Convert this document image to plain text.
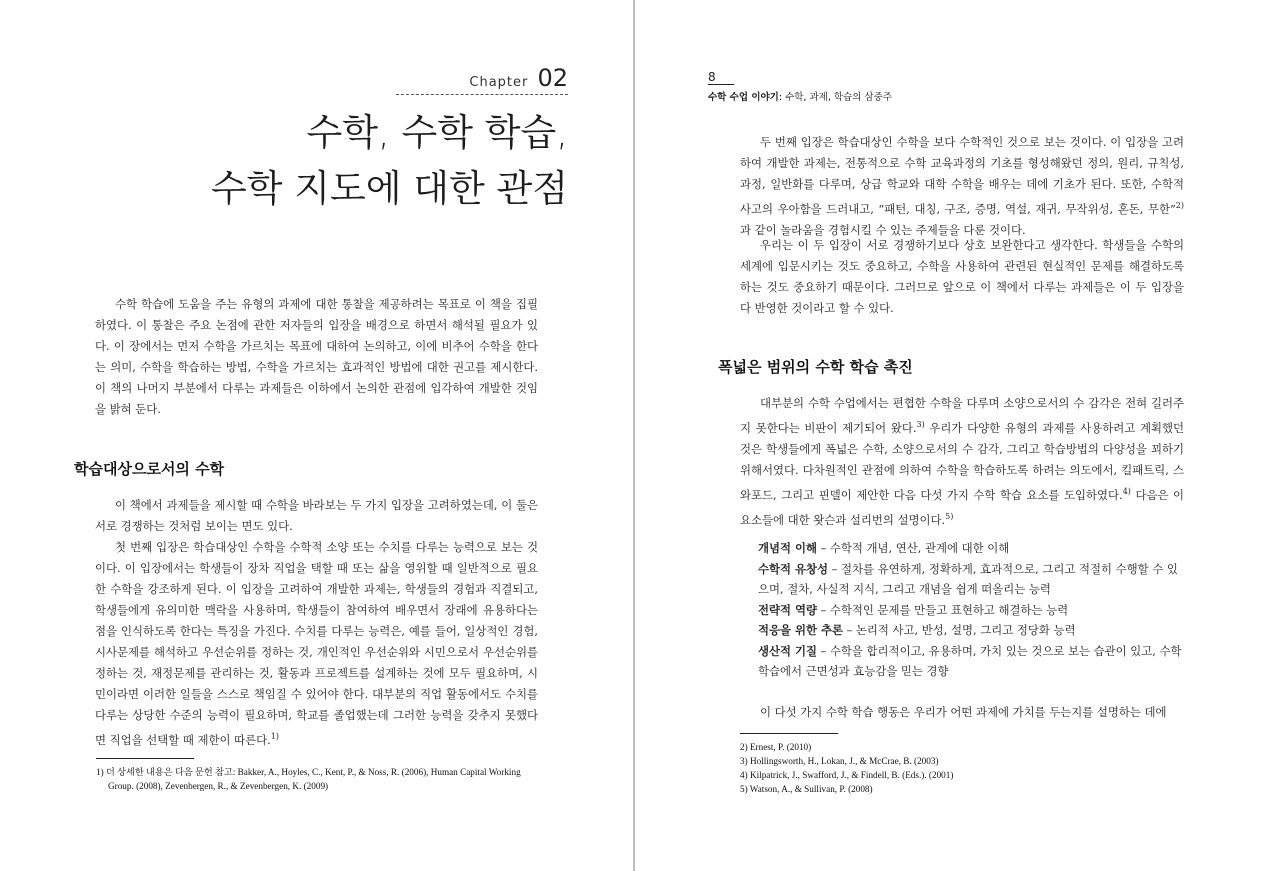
Chapter 02
수학, 수학 학습,
수학 지도에 대한 관점

수학 학습에 도움을 주는 유형의 과제에 대한 통찰을 제공하려는 목표로 이 책을 집필하였다. 이 통찰은 주요 논점에 관한 저자들의 입장을 배경으로 하면서 해석될 필요가 있다. 이 장에서는 먼저 수학을 가르치는 목표에 대하여 논의하고, 이에 비추어 수학을 한다는 의미, 수학을 학습하는 방법, 수학을 가르치는 효과적인 방법에 대한 권고를 제시한다. 이 책의 나머지 부분에서 다루는 과제들은 이하에서 논의한 관점에 입각하여 개발한 것임을 밝혀 둔다.

학습대상으로서의 수학

이 책에서 과제들을 제시할 때 수학을 바라보는 두 가지 입장을 고려하였는데, 이 둘은 서로 경쟁하는 것처럼 보이는 면도 있다.

첫 번째 입장은 학습대상인 수학을 수학적 소양 또는 수치를 다루는 능력으로 보는 것이다. 이 입장에서는 학생들이 장차 직업을 택할 때 또는 삶을 영위할 때 일반적으로 필요한 수학을 강조하게 된다. 이 입장을 고려하여 개발한 과제는, 학생들의 경험과 직결되고, 학생들에게 유의미한 맥락을 사용하며, 학생들이 참여하여 배우면서 장래에 유용하다는 점을 인식하도록 한다는 특징을 가진다. 수치를 다루는 능력은, 예를 들어, 일상적인 경험, 시사문제를 해석하고 우선순위를 정하는 것, 개인적인 우선순위와 시민으로서 우선순위를 정하는 것, 재정문제를 관리하는 것, 활동과 프로젝트를 설계하는 것에 모두 필요하며, 시민이라면 이러한 일들을 스스로 책임질 수 있어야 한다. 대부분의 직업 활동에서도 수치를 다루는 상당한 수준의 능력이 필요하며, 학교를 졸업했는데 그러한 능력을 갖추지 못했다면 직업을 선택할 때 제한이 따른다.$^{1)}$

1) 더 상세한 내용은 다음 문헌 참고: Bakker, A., Hoyles, C., Kent, P., & Noss, R. (2006), Human Capital Working Group. (2008), Zevenbergen, R., & Zevenbergen, K. (2009)
8
수학 수업 이야기: 수학, 과제, 학습의 삼중주

두 번째 입장은 학습대상인 수학을 보다 수학적인 것으로 보는 것이다. 이 입장을 고려하여 개발한 과제는, 전통적으로 수학 교육과정의 기초를 형성해왔던 정의, 원리, 규칙성, 과정, 일반화를 다루며, 상급 학교와 대학 수학을 배우는 데에 기초가 된다. 또한, 수학적 사고의 우아함을 드러내고, “패턴, 대칭, 구조, 증명, 역설, 재귀, 무작위성, 혼돈, 무한”$^{2)}$과 같이 놀라움을 경험시킬 수 있는 주제들을 다룬 것이다.

우리는 이 두 입장이 서로 경쟁하기보다 상호 보완한다고 생각한다. 학생들을 수학의 세계에 입문시키는 것도 중요하고, 수학을 사용하여 관련된 현실적인 문제를 해결하도록 하는 것도 중요하기 때문이다. 그러므로 앞으로 이 책에서 다루는 과제들은 이 두 입장을 다 반영한 것이라고 할 수 있다.

폭넓은 범위의 수학 학습 촉진

대부분의 수학 수업에서는 편협한 수학을 다루며 소양으로서의 수 감각은 전혀 길러주지 못한다는 비판이 제기되어 왔다.$^{3)}$ 우리가 다양한 유형의 과제를 사용하려고 계획했던 것은 학생들에게 폭넓은 수학, 소양으로서의 수 감각, 그리고 학습방법의 다양성을 꾀하기 위해서였다. 다차원적인 관점에 의하여 수학을 학습하도록 하려는 의도에서, 킬패트릭, 스와포드, 그리고 핀델이 제안한 다음 다섯 가지 수학 학습 요소를 도입하였다.$^{4)}$ 다음은 이 요소들에 대한 왓슨과 설리번의 설명이다.$^{5)}$

개념적 이해 – 수학적 개념, 연산, 관계에 대한 이해
수학적 유창성 – 절차를 유연하게, 정확하게, 효과적으로, 그리고 적절히 수행할 수 있으며, 절차, 사실적 지식, 그리고 개념을 쉽게 떠올리는 능력
전략적 역량 – 수학적인 문제를 만들고 표현하고 해결하는 능력
적응을 위한 추론 – 논리적 사고, 반성, 설명, 그리고 정당화 능력
생산적 기질 – 수학을 합리적이고, 유용하며, 가치 있는 것으로 보는 습관이 있고, 수학 학습에서 근면성과 효능감을 믿는 경향

이 다섯 가지 수학 학습 행동은 우리가 어떤 과제에 가치를 두는지를 설명하는 데에

2) Ernest, P. (2010)
3) Hollingsworth, H., Lokan, J., & McCrae, B. (2003)
4) Kilpatrick, J., Swafford, J., & Findell, B. (Eds.). (2001)
5) Watson, A., & Sullivan, P. (2008)
